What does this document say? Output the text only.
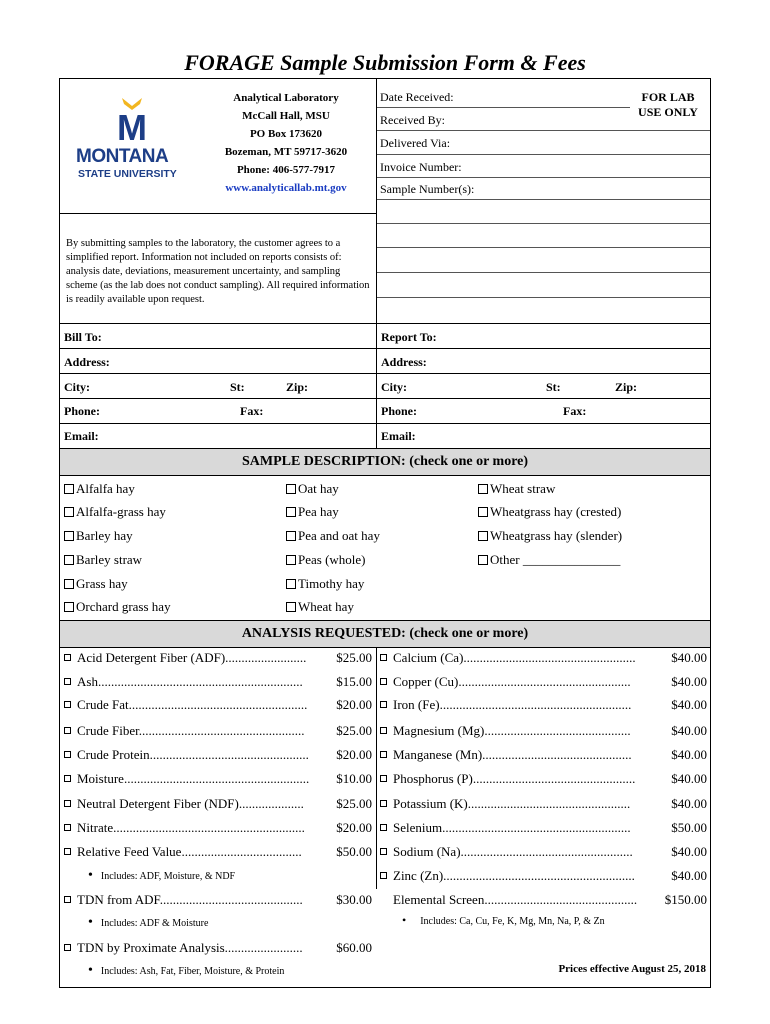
FORAGE Sample Submission Form & Fees
M
MONTANA
STATE UNIVERSITY
Analytical Laboratory
McCall Hall, MSU
PO Box 173620
Bozeman, MT 59717-3620
Phone: 406-577-7917
www.analyticallab.mt.gov
Date Received:	FOR LAB USE ONLY
Received By:
Delivered Via:
Invoice Number:
Sample Number(s):
By submitting samples to the laboratory, the customer agrees to a simplified report. Information not included on reports consists of: analysis date, deviations, measurement uncertainty, and sampling scheme (as the lab does not conduct sampling). All required information is readily available upon request.
Bill To:	Report To:
Address:	Address:
City:	St:	Zip:	City:	St:	Zip:
Phone:	Fax:	Phone:	Fax:
Email:	Email:
SAMPLE DESCRIPTION: (check one or more)
Alfalfa hay
Alfalfa-grass hay
Barley hay
Barley straw
Grass hay
Orchard grass hay
Oat hay
Pea hay
Pea and oat hay
Peas (whole)
Timothy hay
Wheat hay
Wheat straw
Wheatgrass hay (crested)
Wheatgrass hay (slender)
Other _______________
ANALYSIS REQUESTED: (check one or more)
Acid Detergent Fiber (ADF)......................... $25.00
Ash...............................................................	$15.00
Crude Fat....................................................... $20.00
Crude Fiber................................................... $25.00
Crude Protein................................................. $20.00
Moisture......................................................... $10.00
Neutral Detergent Fiber (NDF).................... $25.00
Nitrate........................................................... $20.00
Relative Feed Value.....................................	$50.00
• Includes: ADF, Moisture, & NDF
TDN from ADF............................................	$30.00
• Includes: ADF & Moisture
TDN by Proximate Analysis........................	$60.00
• Includes: Ash, Fat, Fiber, Moisture, & Protein
Calcium (Ca).....................................................	$40.00
Copper (Cu).....................................................	$40.00
Iron (Fe)...........................................................	$40.00
Magnesium (Mg).............................................	$40.00
Manganese (Mn)..............................................	$40.00
Phosphorus (P)..................................................	$40.00
Potassium (K)..................................................	$40.00
Selenium..........................................................	$50.00
Sodium (Na).....................................................	$40.00
Zinc (Zn)...........................................................	$40.00
Elemental Screen............................................... $150.00
• Includes: Ca, Cu, Fe, K, Mg, Mn, Na, P, & Zn
Prices effective August 25, 2018
